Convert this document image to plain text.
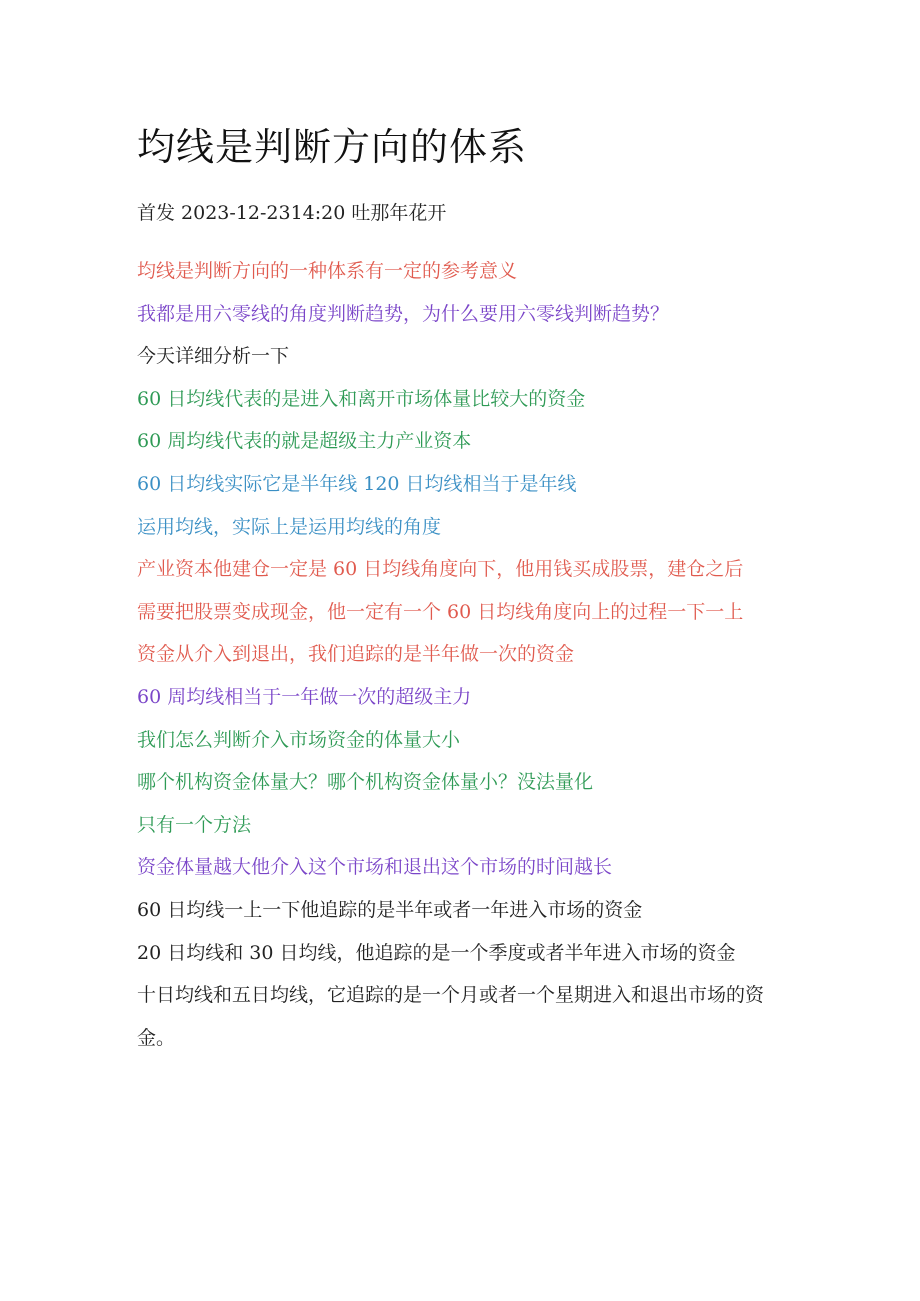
均线是判断方向的体系
首发 2023-12-2314:20 吐那年花开
均线是判断方向的一种体系有一定的参考意义
我都是用六零线的角度判断趋势，为什么要用六零线判断趋势？
今天详细分析一下
60 日均线代表的是进入和离开市场体量比较大的资金
60 周均线代表的就是超级主力产业资本
60 日均线实际它是半年线 120 日均线相当于是年线
运用均线，实际上是运用均线的角度
产业资本他建仓一定是 60 日均线角度向下，他用钱买成股票，建仓之后
需要把股票变成现金，他一定有一个 60 日均线角度向上的过程一下一上
资金从介入到退出，我们追踪的是半年做一次的资金
60 周均线相当于一年做一次的超级主力
我们怎么判断介入市场资金的体量大小
哪个机构资金体量大？哪个机构资金体量小？没法量化
只有一个方法
资金体量越大他介入这个市场和退出这个市场的时间越长
60 日均线一上一下他追踪的是半年或者一年进入市场的资金
20 日均线和 30 日均线，他追踪的是一个季度或者半年进入市场的资金
十日均线和五日均线，它追踪的是一个月或者一个星期进入和退出市场的资金。
